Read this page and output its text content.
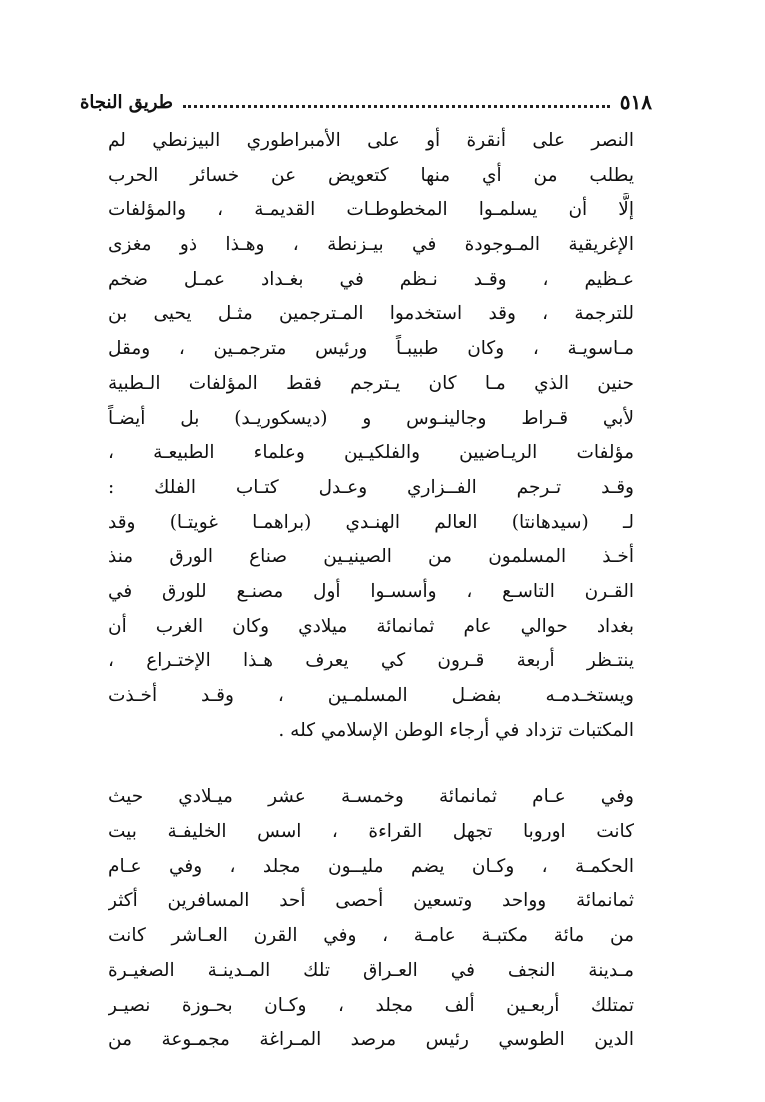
٥١٨
طريق النجاة
النصر على أنقرة أو على الأمبراطوري البيزنطي لم
يطلب من أي منها كتعويض عن خسائر الحرب
إلَّا أن يسلمـوا المخطوطـات القديمـة ، والمؤلفات
الإغريقية المـوجودة في بيـزنطة ، وهـذا ذو مغزى
عـظيم ، وقـد نـظم في بغـداد عمـل ضخم
للترجمة ، وقد استخدموا المـترجمين مثـل يحيى بن
مـاسويـة ، وكان طبيبـاً ورئيس مترجمـين ، ومقل
حنين الذي مـا كان يـترجم فقط المؤلفات الـطبية
لأبي قـراط وجالينـوس و (ديسكوريـد) بل أيضـاً
مؤلفات الريـاضيين والفلكيـين وعلماء الطبيعـة ،
وقـد تـرجم الفــزاري وعـدل كتـاب الفلك :
لـ (سيدهانتا) العالم الهنـدي (براهمـا غويتـا) وقد
أخـذ المسلمون من الصينيـين صناع الورق منذ
القـرن التاسـع ، وأسسـوا أول مصنـع للورق في
بغداد حوالي عام ثمانمائة ميلادي وكان الغرب أن
ينتـظر أربعة قـرون كي يعرف هـذا الإختـراع ،
ويستخـدمـه بفضـل المسلمـين ، وقـد أخـذت
المكتبات تزداد في أرجاء الوطن الإسلامي كله .
وفي عـام ثمانمائة وخمسـة عشر ميـلادي حيث
كانت اوروبا تجهل القراءة ، اسس الخليفـة بيت
الحكمـة ، وكـان يضم مليــون مجلد ، وفي عـام
ثمانمائة وواحد وتسعين أحصى أحد المسافرين أكثر
من مائة مكتبـة عامـة ، وفي القرن العـاشر كانت
مـدينة النجف في العـراق تلك المـدينـة الصغيـرة
تمتلك أربعـين ألف مجلد ، وكـان بحـوزة نصيـر
الدين الطوسي رئيس مرصد المـراغة مجمـوعة من
